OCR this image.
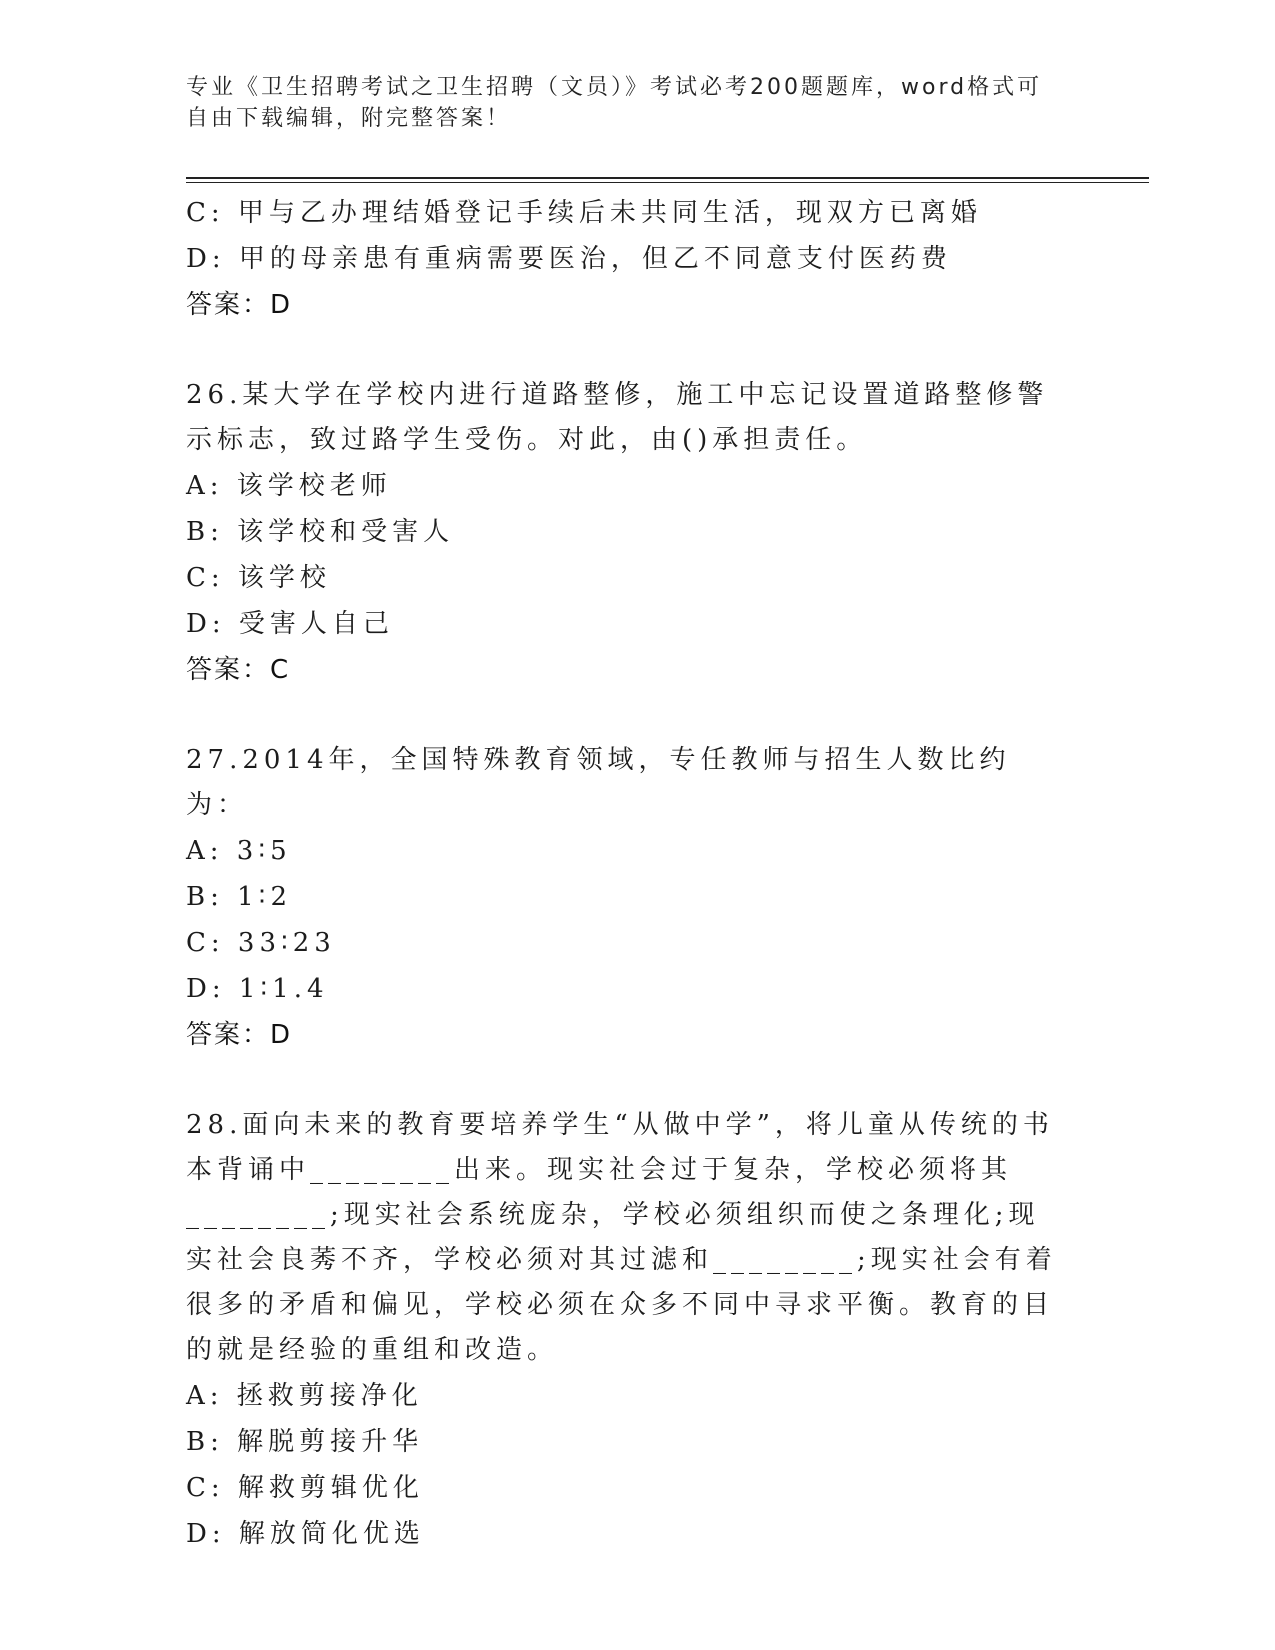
专业《卫生招聘考试之卫生招聘（文员）》考试必考200题题库，word格式可自由下载编辑，附完整答案！
C: 甲与乙办理结婚登记手续后未共同生活，现双方已离婚
D: 甲的母亲患有重病需要医治，但乙不同意支付医药费
答案：D
26.某大学在学校内进行道路整修，施工中忘记设置道路整修警示标志，致过路学生受伤。对此，由()承担责任。
A: 该学校老师
B: 该学校和受害人
C: 该学校
D: 受害人自己
答案：C
27.2014年，全国特殊教育领域，专任教师与招生人数比约为：
A: 3∶5
B: 1∶2
C: 33∶23
D: 1∶1.4
答案：D
28.面向未来的教育要培养学生“从做中学”，将儿童从传统的书本背诵中________出来。现实社会过于复杂，学校必须将其________;现实社会系统庞杂，学校必须组织而使之条理化;现实社会良莠不齐，学校必须对其过滤和________;现实社会有着很多的矛盾和偏见，学校必须在众多不同中寻求平衡。教育的目的就是经验的重组和改造。
A: 拯救剪接净化
B: 解脱剪接升华
C: 解救剪辑优化
D: 解放简化优选
